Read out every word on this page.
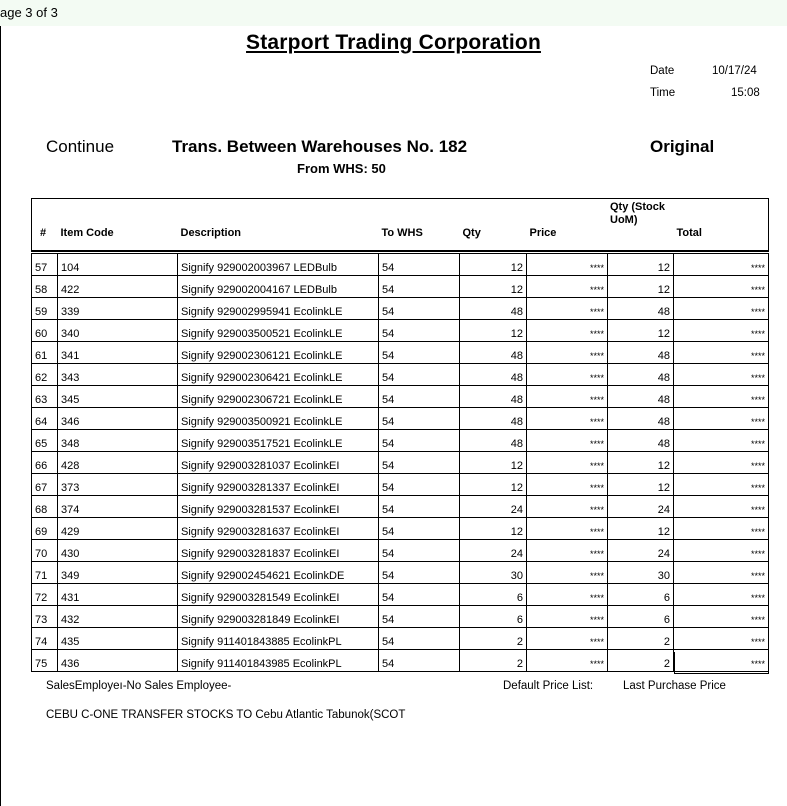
age 3 of 3
Starport Trading Corporation
Date	10/17/24
Time	15:08
Continue	Trans. Between Warehouses No. 182	Original
From WHS: 50
#	Item Code	Description	To WHS	Qty	Price		Total

57	104	Signify 929002003967 LEDBulb	54	12	****	12	****
58	422	Signify 929002004167 LEDBulb	54	12	****	12	****
59	339	Signify 929002995941 EcolinkLE	54	48	****	48	****
60	340	Signify 929003500521 EcolinkLE	54	12	****	12	****
61	341	Signify 929002306121 EcolinkLE	54	48	****	48	****
62	343	Signify 929002306421 EcolinkLE	54	48	****	48	****
63	345	Signify 929002306721 EcolinkLE	54	48	****	48	****
64	346	Signify 929003500921 EcolinkLE	54	48	****	48	****
65	348	Signify 929003517521 EcolinkLE	54	48	****	48	****
66	428	Signify 929003281037 EcolinkEI	54	12	****	12	****
67	373	Signify 929003281337 EcolinkEI	54	12	****	12	****
68	374	Signify 929003281537 EcolinkEI	54	24	****	24	****
69	429	Signify 929003281637 EcolinkEI	54	12	****	12	****
70	430	Signify 929003281837 EcolinkEI	54	24	****	24	****
71	349	Signify 929002454621 EcolinkDE	54	30	****	30	****
72	431	Signify 929003281549 EcolinkEI	54	6	****	6	****
73	432	Signify 929003281849 EcolinkEI	54	6	****	6	****
74	435	Signify 911401843885 EcolinkPL	54	2	****	2	****
75	436	Signify 911401843985 EcolinkPL	54	2	****	2	****
Qty (Stock UoM)
SalesEmployeı-No Sales Employee-	Default Price List:	Last Purchase Price
CEBU C-ONE TRANSFER STOCKS TO Cebu Atlantic Tabunok(SCOT
